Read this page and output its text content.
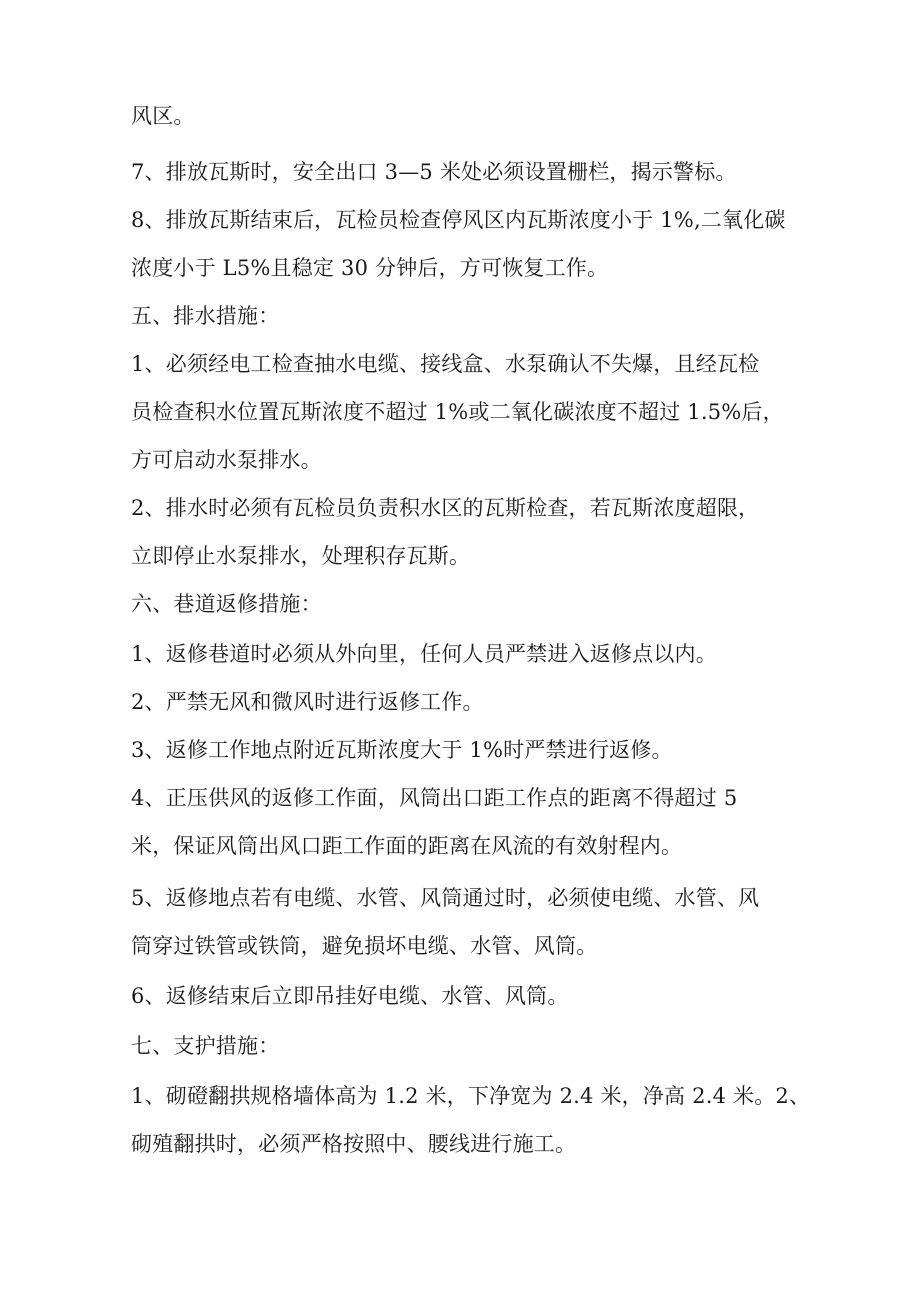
风区。
7、排放瓦斯时，安全出口 3—5 米处必须设置栅栏，揭示警标。
8、排放瓦斯结束后，瓦检员检查停风区内瓦斯浓度小于 1%,二氧化碳
浓度小于 L5%且稳定 30 分钟后，方可恢复工作。
五、排水措施：
1、必须经电工检查抽水电缆、接线盒、水泵确认不失爆，且经瓦检
员检查积水位置瓦斯浓度不超过 1%或二氧化碳浓度不超过 1.5%后，
方可启动水泵排水。
2、排水时必须有瓦检员负责积水区的瓦斯检查，若瓦斯浓度超限，
立即停止水泵排水，处理积存瓦斯。
六、巷道返修措施：
1、返修巷道时必须从外向里，任何人员严禁进入返修点以内。
2、严禁无风和微风时进行返修工作。
3、返修工作地点附近瓦斯浓度大于 1%时严禁进行返修。
4、正压供风的返修工作面，风筒出口距工作点的距离不得超过 5
米，保证风筒出风口距工作面的距离在风流的有效射程内。
5、返修地点若有电缆、水管、风筒通过时，必须使电缆、水管、风
筒穿过铁管或铁筒，避免损坏电缆、水管、风筒。
6、返修结束后立即吊挂好电缆、水管、风筒。
七、支护措施：
1、砌磴翻拱规格墙体高为 1.2 米，下净宽为 2.4 米，净高 2.4 米。2、
砌殖翻拱时，必须严格按照中、腰线进行施工。
